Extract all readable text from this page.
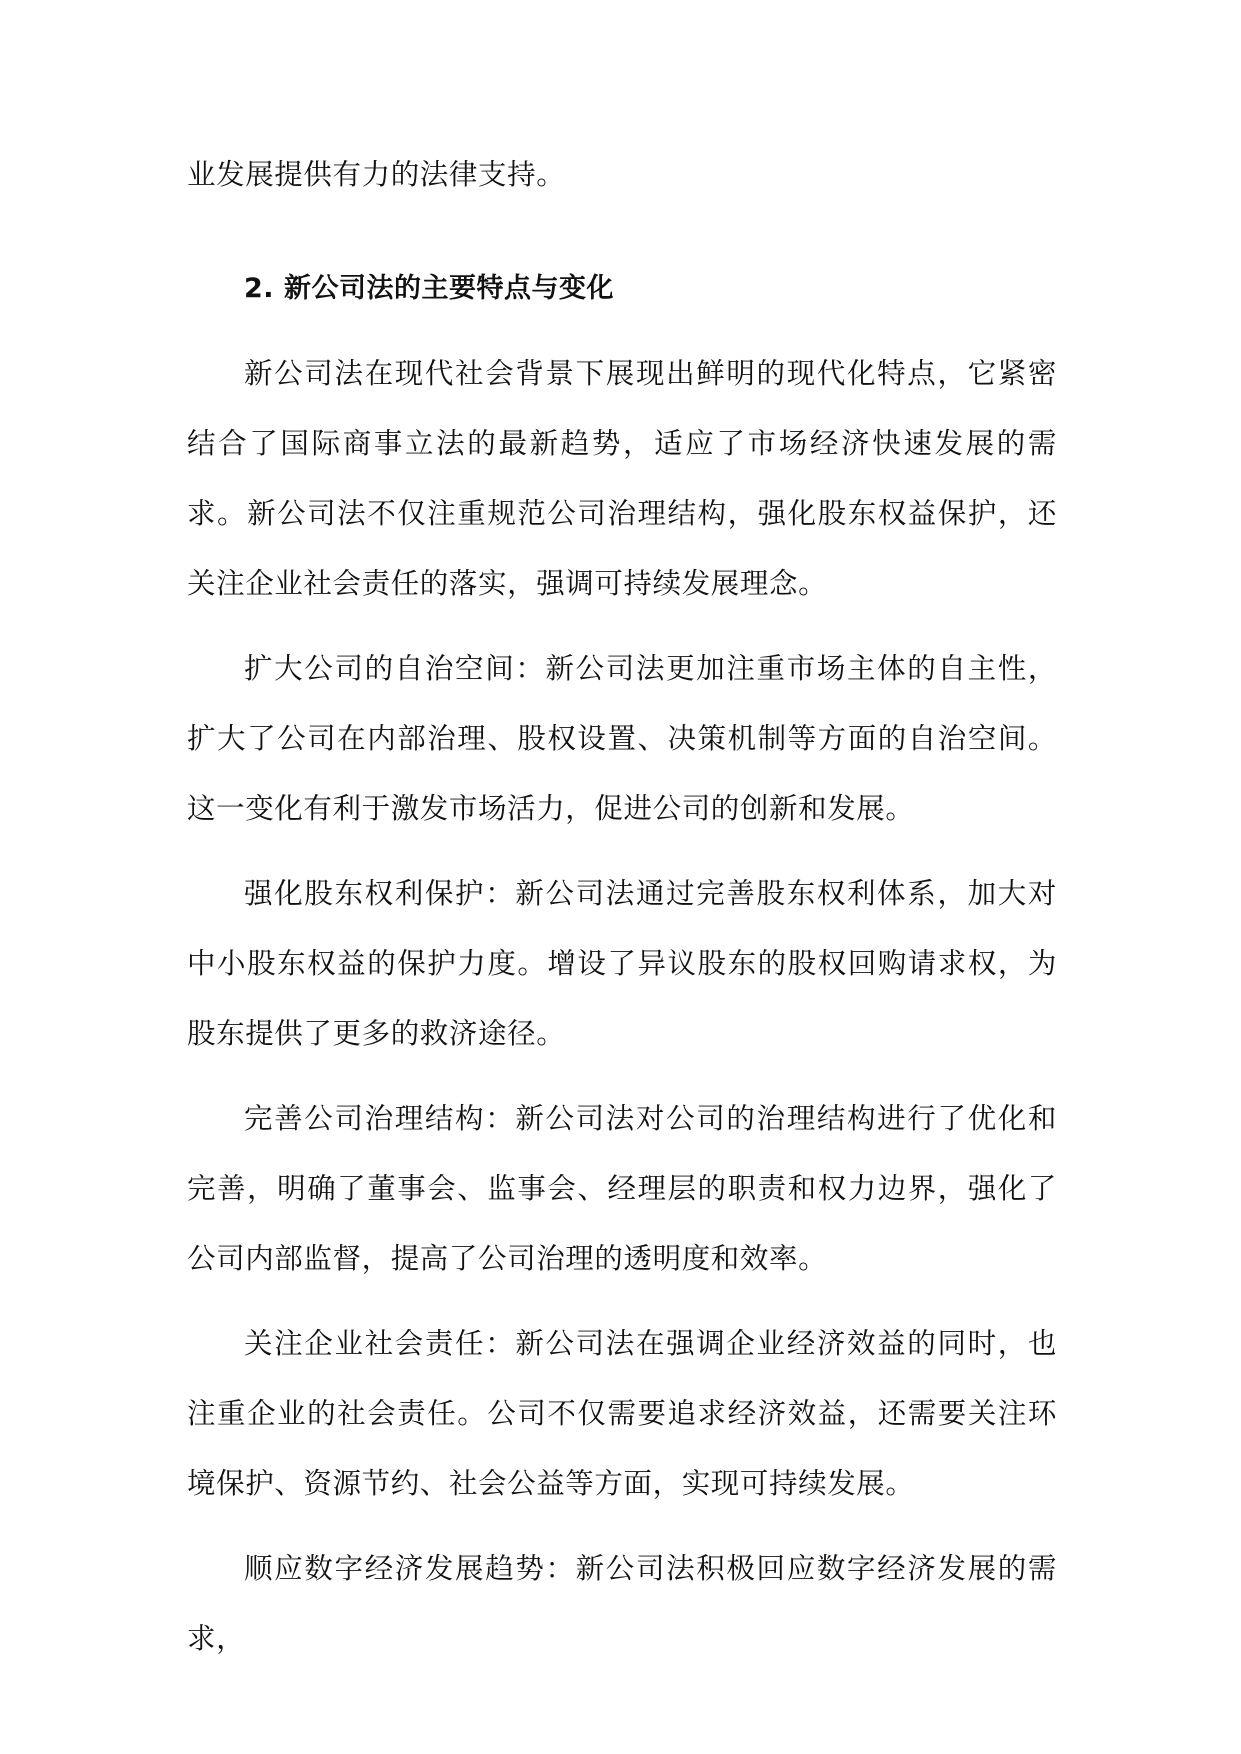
业发展提供有力的法律支持。

2. 新公司法的主要特点与变化

新公司法在现代社会背景下展现出鲜明的现代化特点，它紧密结合了国际商事立法的最新趋势，适应了市场经济快速发展的需求。新公司法不仅注重规范公司治理结构，强化股东权益保护，还关注企业社会责任的落实，强调可持续发展理念。

扩大公司的自治空间：新公司法更加注重市场主体的自主性，扩大了公司在内部治理、股权设置、决策机制等方面的自治空间。这一变化有利于激发市场活力，促进公司的创新和发展。

强化股东权利保护：新公司法通过完善股东权利体系，加大对中小股东权益的保护力度。增设了异议股东的股权回购请求权，为股东提供了更多的救济途径。

完善公司治理结构：新公司法对公司的治理结构进行了优化和完善，明确了董事会、监事会、经理层的职责和权力边界，强化了公司内部监督，提高了公司治理的透明度和效率。

关注企业社会责任：新公司法在强调企业经济效益的同时，也注重企业的社会责任。公司不仅需要追求经济效益，还需要关注环境保护、资源节约、社会公益等方面，实现可持续发展。

顺应数字经济发展趋势：新公司法积极回应数字经济发展的需求，
